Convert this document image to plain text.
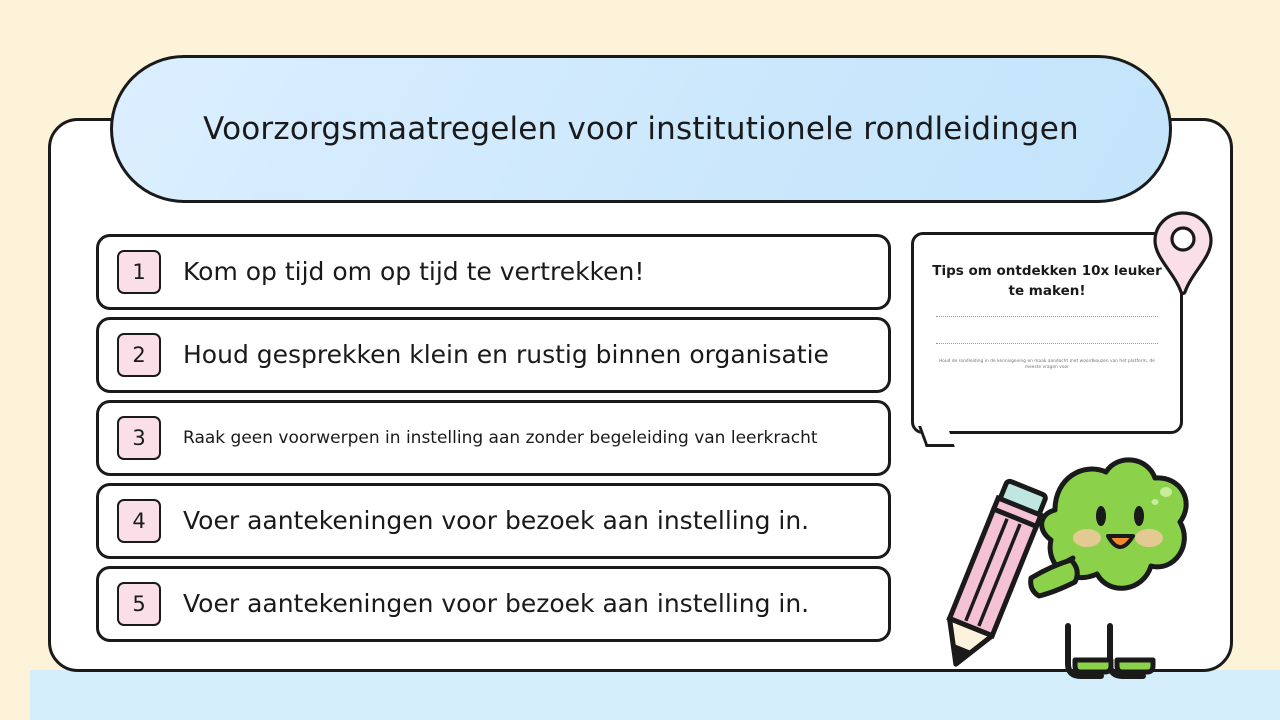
Voorzorgsmaatregelen voor institutionele rondleidingen
1	Kom op tijd om op tijd te vertrekken!
2	Houd gesprekken klein en rustig binnen organisatie
3	Raak geen voorwerpen in instelling aan zonder begeleiding van leerkracht
4	Voer aantekeningen voor bezoek aan instelling in.
5	Voer aantekeningen voor bezoek aan instelling in.
Tips om ontdekken 10x leuker te maken!
Houd de rondleiding in de kennisgeving en maak aandacht met woordkeuzen van het platform, de meeste vragen voor
